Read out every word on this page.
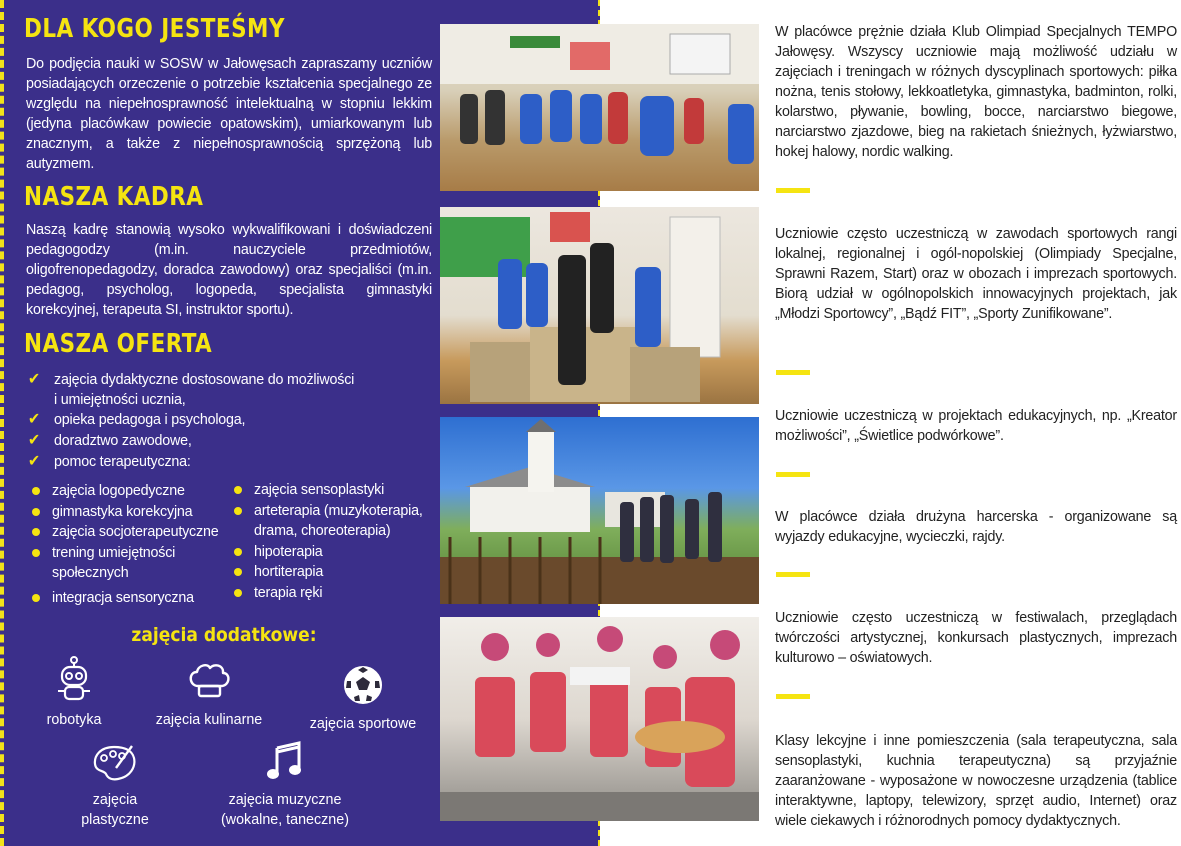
DLA KOGO JESTEŚMY
Do podjęcia nauki w SOSW w Jałowęsach zapraszamy uczniów posiadających orzeczenie o potrzebie kształcenia specjalnego ze względu na niepełnosprawność intelektualną w stopniu lekkim (jedyna placówkaw powiecie opatowskim), umiarkowanym lub znacznym, a także z niepełnosprawnością sprzężoną lub autyzmem.
NASZA KADRA
Naszą kadrę stanowią wysoko wykwalifikowani i doświadczeni pedagogodzy (m.in. nauczyciele przedmiotów, oligofrenopedagodzy, doradca zawodowy) oraz specjaliści (m.in. pedagog, psycholog, logopeda, specjalista gimnastyki korekcyjnej, terapeuta SI, instruktor sportu).
NASZA OFERTA
✔ zajęcia dydaktyczne dostosowane do możliwości
i umiejętności ucznia,
✔ opieka pedagoga i psychologa,
✔ doradztwo zawodowe,
✔ pomoc terapeutyczna:
zajęcia logopedyczne
gimnastyka korekcyjna
zajęcia socjoterapeutyczne
trening umiejętności społecznych
integracja sensoryczna
zajęcia sensoplastyki
arteterapia (muzykoterapia, drama, choreoterapia)
hipoterapia
hortiterapia
terapia ręki
zajęcia dodatkowe:
robotyka	zajęcia kulinarne	zajęcia sportowe
zajęcia plastyczne
zajęcia muzyczne (wokalne, taneczne)
W placówce prężnie działa Klub Olimpiad Specjalnych TEMPO Jałowęsy. Wszyscy uczniowie mają możliwość udziału w zajęciach i treningach w różnych dyscyplinach sportowych: piłka nożna, tenis stołowy, lekkoatletyka, gimnastyka, badminton, rolki, kolarstwo, pływanie, bowling, bocce, narciarstwo biegowe, narciarstwo zjazdowe, bieg na rakietach śnieżnych, łyżwiarstwo, hokej halowy, nordic walking.
Uczniowie często uczestniczą w zawodach sportowych rangi lokalnej, regionalnej i ogól-nopolskiej (Olimpiady Specjalne, Sprawni Razem, Start) oraz w obozach i imprezach sportowych. Biorą udział w ogólnopolskich innowacyjnych projektach, jak „Młodzi Sportowcy”, „Bądź FIT”, „Sporty Zunifikowane”.
Uczniowie uczestniczą w projektach edukacyjnych, np. „Kreator możliwości”, „Świetlice podwórkowe”.
W placówce działa drużyna harcerska - organizowane są wyjazdy edukacyjne, wycieczki, rajdy.
Uczniowie często uczestniczą w festiwalach, przeglądach twórczości artystycznej, konkursach plastycznych, imprezach kulturowo – oświatowych.
Klasy lekcyjne i inne pomieszczenia (sala terapeutyczna, sala sensoplastyki, kuchnia terapeutyczna) są przyjaźnie zaaranżowane - wyposażone w nowoczesne urządzenia (tablice interaktywne, laptopy, telewizory, sprzęt audio, Internet) oraz wiele ciekawych i różnorodnych pomocy dydaktycznych.
